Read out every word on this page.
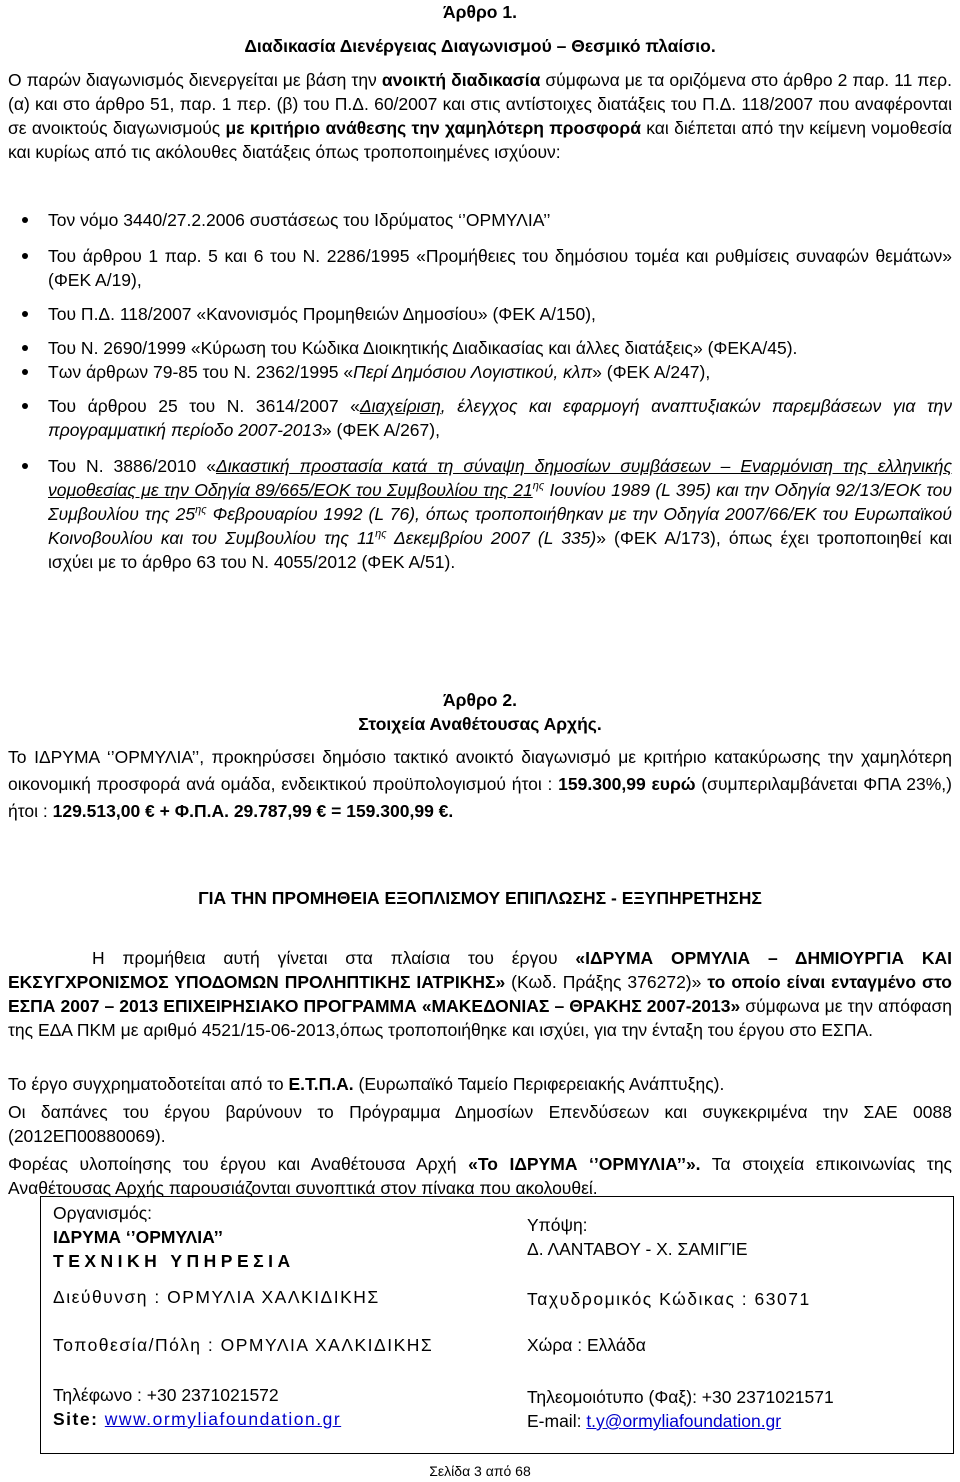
Άρθρο 1.
Διαδικασία Διενέργειας Διαγωνισμού – Θεσμικό πλαίσιο.

Ο παρών διαγωνισμός διενεργείται με βάση την ανοικτή διαδικασία σύμφωνα με τα οριζόμενα στο άρθρο 2 παρ. 11 περ. (α) και στο άρθρο 51, παρ. 1 περ. (β) του Π.Δ. 60/2007 και στις αντίστοιχες διατάξεις του Π.Δ. 118/2007 που αναφέρονται σε ανοικτούς διαγωνισμούς με κριτήριο ανάθεσης την χαμηλότερη προσφορά και διέπεται από την κείμενη νομοθεσία και κυρίως από τις ακόλουθες διατάξεις όπως τροποποιημένες ισχύουν:

Τον νόμο 3440/27.2.2006 συστάσεως του Ιδρύματος ‘’ΟΡΜΥΛΙΑ’’
Του άρθρου 1 παρ. 5 και 6 του Ν. 2286/1995 «Προμήθειες του δημόσιου τομέα και ρυθμίσεις συναφών θεμάτων» (ΦΕΚ Α/19),
Του Π.Δ. 118/2007 «Κανονισμός Προμηθειών Δημοσίου» (ΦΕΚ Α/150),
Του Ν. 2690/1999 «Κύρωση του Κώδικα Διοικητικής Διαδικασίας και άλλες διατάξεις» (ΦΕΚΑ/45).
Των άρθρων 79-85 του Ν. 2362/1995 «Περί Δημόσιου Λογιστικού, κλπ» (ΦΕΚ Α/247),
Του άρθρου 25 του Ν. 3614/2007 «Διαχείριση, έλεγχος και εφαρμογή αναπτυξιακών παρεμβάσεων για την προγραμματική περίοδο 2007-2013» (ΦΕΚ Α/267),
Του Ν. 3886/2010 «Δικαστική προστασία κατά τη σύναψη δημοσίων συμβάσεων – Εναρμόνιση της ελληνικής νομοθεσίας με την Οδηγία 89/665/ΕΟΚ του Συμβουλίου της $21^{\eta\varsigma}$ Ιουνίου 1989 (L 395) και την Οδηγία 92/13/ΕΟΚ του Συμβουλίου της $25^{\eta\varsigma}$ Φεβρουαρίου 1992 (L 76), όπως τροποποιήθηκαν με την Οδηγία 2007/66/ΕΚ του Ευρωπαϊκού Κοινοβουλίου και του Συμβουλίου της $11^{\eta\varsigma}$ Δεκεμβρίου 2007 (L 335)» (ΦΕΚ Α/173), όπως έχει τροποποιηθεί και ισχύει με το άρθρο 63 του Ν. 4055/2012 (ΦΕΚ Α/51).
Άρθρο 2.
Στοιχεία Αναθέτουσας Αρχής.

Το ΙΔΡΥΜΑ ‘’ΟΡΜΥΛΙΑ’’, προκηρύσσει δημόσιο τακτικό ανοικτό διαγωνισμό με κριτήριο κατακύρωσης την χαμηλότερη οικονομική προσφορά ανά ομάδα, ενδεικτικού προϋπολογισμού ήτοι : 159.300,99 ευρώ (συμπεριλαμβάνεται ΦΠΑ 23%,) ήτοι : 129.513,00 € + Φ.Π.Α. 29.787,99 € = 159.300,99 €.

ΓΙΑ ΤΗΝ ΠΡΟΜΗΘΕΙΑ ΕΞΟΠΛΙΣΜΟΥ ΕΠΙΠΛΩΣΗΣ - ΕΞΥΠΗΡΕΤΗΣΗΣ

Η προμήθεια αυτή γίνεται στα πλαίσια του έργου «ΙΔΡΥΜΑ ΟΡΜΥΛΙΑ – ΔΗΜΙΟΥΡΓΙΑ ΚΑΙ ΕΚΣΥΓΧΡΟΝΙΣΜΟΣ ΥΠΟΔΟΜΩΝ ΠΡΟΛΗΠΤΙΚΗΣ ΙΑΤΡΙΚΗΣ» (Κωδ. Πράξης 376272)» το οποίο είναι ενταγμένο στο ΕΣΠΑ 2007 – 2013 ΕΠΙΧΕΙΡΗΣΙΑΚΟ ΠΡΟΓΡΑΜΜΑ «ΜΑΚΕΔΟΝΙΑΣ – ΘΡΑΚΗΣ 2007-2013» σύμφωνα με την απόφαση της ΕΔΑ ΠΚΜ με αριθμό 4521/15-06-2013,όπως τροποποιήθηκε και ισχύει, για την ένταξη του έργου στο ΕΣΠΑ.

Το έργο συγχρηματοδοτείται από το Ε.Τ.Π.Α. (Ευρωπαϊκό Ταμείο Περιφερειακής Ανάπτυξης).

Οι δαπάνες του έργου βαρύνουν το Πρόγραμμα Δημοσίων Επενδύσεων και συγκεκριμένα την ΣΑΕ 0088 (2012ΕΠ00880069).

Φορέας υλοποίησης του έργου και Αναθέτουσα Αρχή «Το ΙΔΡΥΜΑ ‘’ΟΡΜΥΛΙΑ’’». Τα στοιχεία επικοινωνίας της Αναθέτουσας Αρχής παρουσιάζονται συνοπτικά στον πίνακα που ακολουθεί.

Οργανισμός:
ΙΔΡΥΜΑ ‘’ΟΡΜΥΛΙΑ’’
ΤΕΧΝΙΚΗ ΥΠΗΡΕΣΙΑ
Υπόψη:
Δ. ΛΑΝΤΑΒΟΥ - Χ. ΣΑΜΙΓΊΕ
Διεύθυνση : ΟΡΜΥΛΙΑ ΧΑΛΚΙΔΙΚΗΣ	Ταχυδρομικός Κώδικας : 63071
Τοποθεσία/Πόλη : ΟΡΜΥΛΙΑ ΧΑΛΚΙΔΙΚΗΣ	Χώρα : Ελλάδα
Τηλέφωνο : +30 2371021572
Site: www.ormyliafoundation.gr
Τηλεομοιότυπο (Φαξ): +30 2371021571
E-mail: t.y@ormyliafoundation.gr
Σελίδα 3 από 68
